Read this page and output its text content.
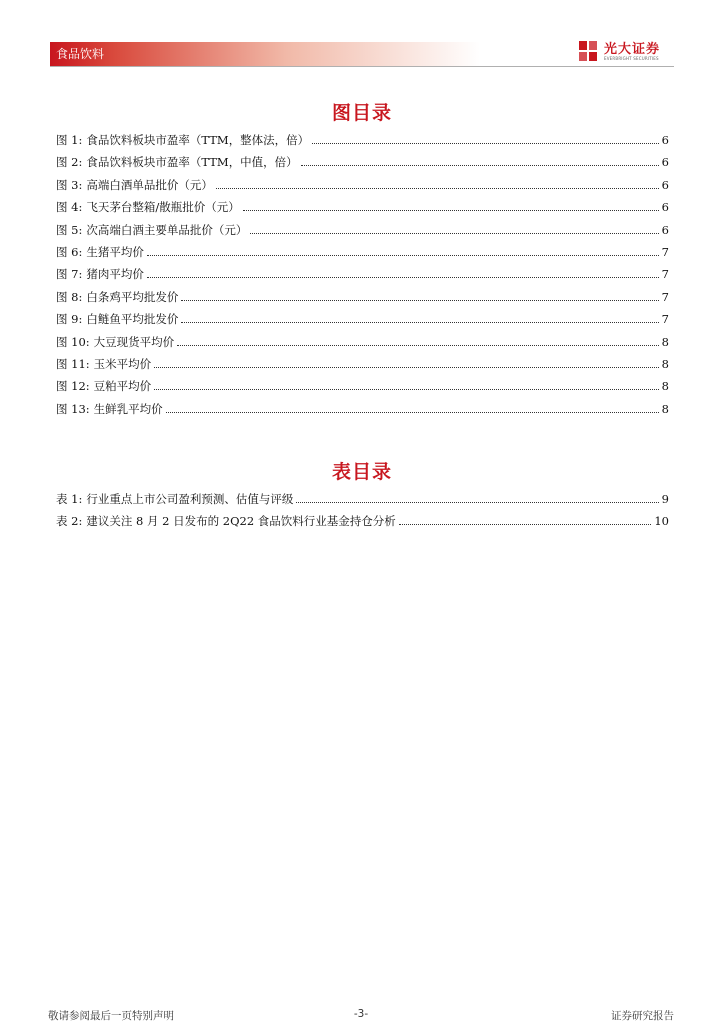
食品饮料	光大证券
EVERBRIGHT SECURITIES
图目录
图 1: 食品饮料板块市盈率（TTM，整体法，倍）	6
图 2: 食品饮料板块市盈率（TTM，中值，倍）	6
图 3: 高端白酒单品批价（元）	6
图 4: 飞天茅台整箱/散瓶批价（元）	6
图 5: 次高端白酒主要单品批价（元）	6
图 6: 生猪平均价	7
图 7: 猪肉平均价	7
图 8: 白条鸡平均批发价	7
图 9: 白鲢鱼平均批发价	7
图 10: 大豆现货平均价	8
图 11: 玉米平均价	8
图 12: 豆粕平均价	8
图 13: 生鲜乳平均价	8
表目录
表 1: 行业重点上市公司盈利预测、估值与评级	9
表 2: 建议关注 8 月 2 日发布的 2Q22 食品饮料行业基金持仓分析	10
敬请参阅最后一页特别声明	-3-	证券研究报告
